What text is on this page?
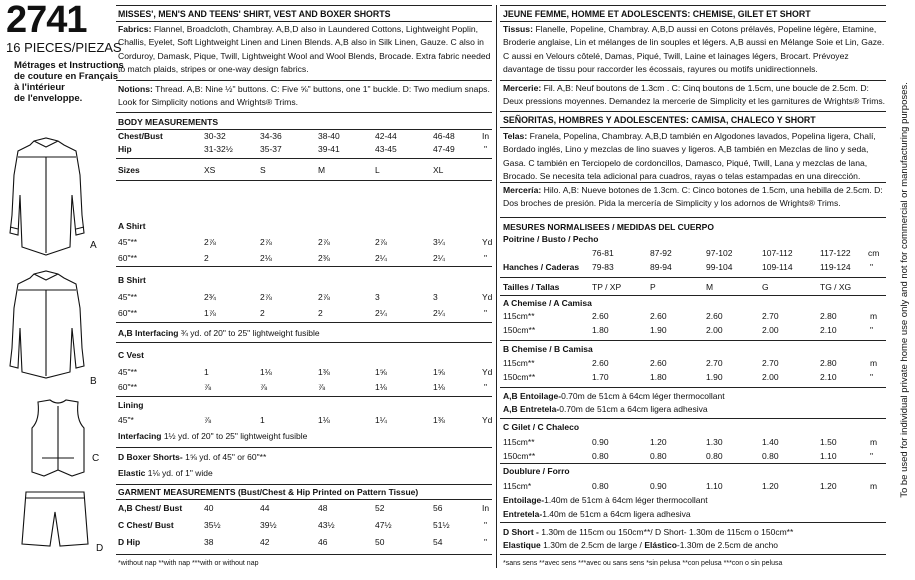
2741
16 PIECES/PIEZAS
Métrages et Instructions
de couture en Français
à l'intérieur
de l'enveloppe.
A
B
C
D
MISSES', MEN'S AND TEENS' SHIRT, VEST AND BOXER SHORTS
Fabrics: Flannel, Broadcloth, Chambray. A,B,D also in Laundered Cottons, Lightweight Poplin, Challis, Eyelet, Soft Lightweight Linen and Linen Blends. A,B also in Silk Linen, Gauze. C also in Corduroy, Damask, Pique, Twill, Lightweight Wool and Wool Blends, Brocade. Extra fabric needed to match plaids, stripes or one-way design fabrics.
Notions: Thread. A,B: Nine ½" buttons. C: Five ⅝" buttons, one 1" buckle. D: Two medium snaps. Look for Simplicity notions and Wrights® Trims.
BODY MEASUREMENTS
Chest/Bust	30-32	34-36	38-40	42-44	46-48	In
Hip	31-32½	35-37	39-41	43-45	47-49	"
Sizes	XS	S	M	L	XL
A Shirt
45"**	2⅞	2⅞	2⅞	2⅞	3¼	Yd
60"**	2	2⅛	2⅜	2¼	2¼	"
B Shirt
45"**	2¾	2⅞	2⅞	3	3	Yd
60"**	1⅞	2	2	2¼	2¼	"
A,B Interfacing ¾ yd. of 20" to 25" lightweight fusible
C Vest
45"**	1	1⅛	1⅜	1⅝	1⅝	Yd
60"**	⅞	⅞	⅞	1⅛	1⅛	"
Lining
45"*	⅞	1	1⅛	1¼	1⅜	Yd
Interfacing 1½ yd. of 20" to 25" lightweight fusible
D Boxer Shorts- 1⅝ yd. of 45" or 60"**
Elastic 1⅛ yd. of 1" wide
GARMENT MEASUREMENTS (Bust/Chest & Hip Printed on Pattern Tissue)
A,B Chest/ Bust	40	44	48	52	56	In
C Chest/ Bust	35½	39½	43½	47½	51½	"
D Hip	38	42	46	50	54	"
*without nap **with nap ***with or without nap
JEUNE FEMME, HOMME ET ADOLESCENTS: CHEMISE, GILET ET SHORT
Tissus: Flanelle, Popeline, Chambray. A,B,D aussi en Cotons prélavés, Popeline légère, Etamine, Broderie anglaise, Lin et mélanges de lin souples et légers. A,B aussi en Mélange Soie et Lin, Gaze. C aussi en Velours côtelé, Damas, Piqué, Twill, Laine et lainages légers, Brocart. Prévoyez davantage de tissu pour raccorder les écossais, rayures ou motifs unidirectionnels.
Mercerie: Fil. A,B: Neuf boutons de 1.3cm . C: Cinq boutons de 1.5cm, une boucle de 2.5cm. D: Deux pressions moyennes. Demandez la mercerie de Simplicity et les garnitures de Wrights® Trims.
SEÑORITAS, HOMBRES Y ADOLESCENTES: CAMISA, CHALECO Y SHORT
Telas: Franela, Popelina, Chambray. A,B,D también en Algodones lavados, Popelina ligera, Chalí, Bordado inglés, Lino y mezclas de lino suaves y ligeros. A,B también en Mezclas de lino y seda, Gasa. C también en Terciopelo de cordoncillos, Damasco, Piqué, Twill, Lana y mezclas de lana, Brocado. Se necesita tela adicional para cuadros, rayas o telas estampadas en una dirección.
Mercería: Hilo. A,B: Nueve botones de 1.3cm. C: Cinco botones de 1.5cm, una hebilla de 2.5cm. D: Dos broches de presión. Pida la mercería de Simplicity y los adornos de Wrights® Trims.
MESURES NORMALISEES / MEDIDAS DEL CUERPO
Poitrine / Busto / Pecho
76-81	87-92	97-102	107-112	117-122 cm
Hanches / Caderas 79-83	89-94	99-104	109-114	119-124 "
Tailles / Tallas	TP / XP	P	M	G	TG / XG
A Chemise / A Camisa
115cm**	2.60	2.60	2.60	2.70	2.80	m
150cm**	1.80	1.90	2.00	2.00	2.10	"
B Chemise / B Camisa
115cm**	2.60	2.60	2.70	2.70	2.80	m
150cm**	1.70	1.80	1.90	2.00	2.10	"
A,B Entoilage-0.70m de 51cm à 64cm léger thermocollant
A,B Entretela-0.70m de 51cm a 64cm ligera adhesiva
C Gilet / C Chaleco
115cm**	0.90	1.20	1.30	1.40	1.50	m
150cm**	0.80	0.80	0.80	0.80	1.10	"
Doublure / Forro
115cm*	0.80	0.90	1.10	1.20	1.20	m
Entoilage-1.40m de 51cm à 64cm léger thermocollant
Entretela-1.40m de 51cm a 64cm ligera adhesiva
D Short - 1.30m de 115cm ou 150cm**/ D Short- 1.30m de 115cm o 150cm**
Elastique 1.30m de 2.5cm de large / Elástico-1.30m de 2.5cm de ancho
*sans sens **avec sens ***avec ou sans sens *sin pelusa **con pelusa ***con o sin pelusa
To be used for individual private home use only and not for commercial or manufacturing purposes.
